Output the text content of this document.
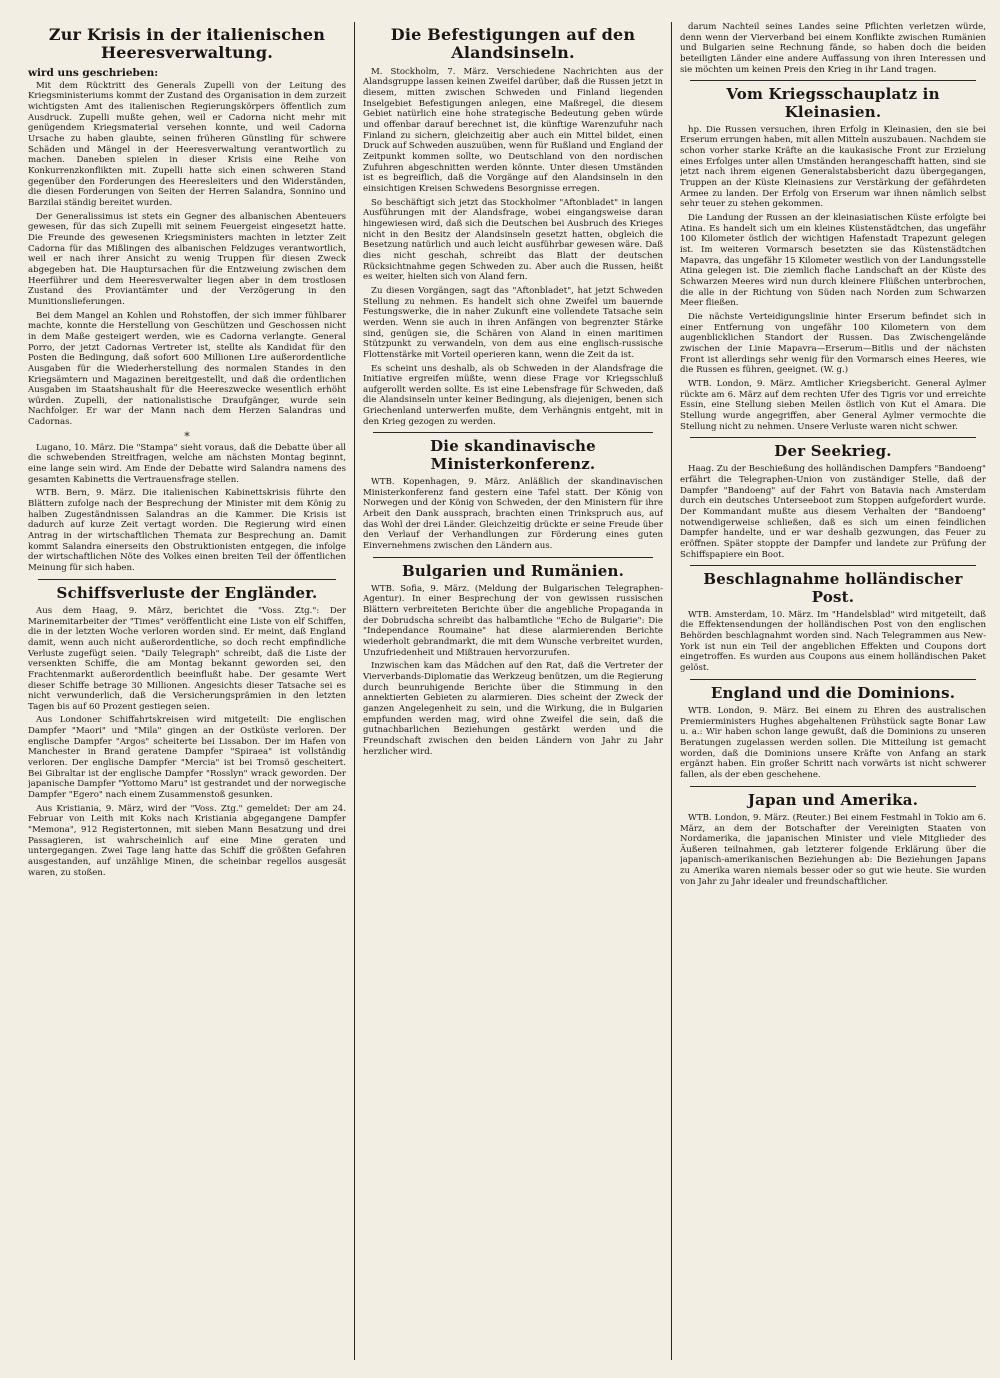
Zur Krisis in der italienischen Heeresverwaltung.
wird uns geschrieben:

Mit dem Rücktritt des Generals Zupelli von der Leitung des Kriegsministeriums kommt der Zustand des Organisation in dem zurzeit wichtigsten Amt des italienischen Regierungskörpers öffentlich zum Ausdruck. Zupelli mußte gehen, weil er Cadorna nicht mehr mit genügendem Kriegsmaterial versehen konnte, und weil Cadorna Ursache zu haben glaubte, seinen früheren Günstling für schwere Schäden und Mängel in der Heeresverwaltung verantwortlich zu machen. Daneben spielen in dieser Krisis eine Reihe von Konkurrenzkonflikten mit. Zupelli hatte sich einen schweren Stand gegenüber den Forderungen des Heeresleiters und den Widerständen, die diesen Forderungen von Seiten der Herren Salandra, Sonnino und Barzilai ständig bereitet wurden.

Der Generalissimus ist stets ein Gegner des albanischen Abenteuers gewesen, für das sich Zupelli mit seinem Feuergeist eingesetzt hatte. Die Freunde des gewesenen Kriegsministers machten in letzter Zeit Cadorna für das Mißlingen des albanischen Feldzuges verantwortlich, weil er nach ihrer Ansicht zu wenig Truppen für diesen Zweck abgegeben hat. Die Hauptursachen für die Entzweiung zwischen dem Heerführer und dem Heeresverwalter liegen aber in dem trostlosen Zustand des Proviantämter und der Verzögerung in den Munitionslieferungen.

Bei dem Mangel an Kohlen und Rohstoffen, der sich immer fühlbarer machte, konnte die Herstellung von Geschützen und Geschossen nicht in dem Maße gesteigert werden, wie es Cadorna verlangte. General Porro, der jetzt Cadornas Vertreter ist, stellte als Kandidat für den Posten die Bedingung, daß sofort 600 Millionen Lire außerordentliche Ausgaben für die Wiederherstellung des normalen Standes in den Kriegsämtern und Magazinen bereitgestellt, und daß die ordentlichen Ausgaben im Staatshaushalt für die Heereszwecke wesentlich erhöht würden. Zupelli, der nationalistische Draufgänger, wurde sein Nachfolger. Er war der Mann nach dem Herzen Salandras und Cadornas.

*

Lugano, 10. März. Die "Stampa" sieht voraus, daß die Debatte über all die schwebenden Streitfragen, welche am nächsten Montag beginnt, eine lange sein wird. Am Ende der Debatte wird Salandra namens des gesamten Kabinetts die Vertrauensfrage stellen.

WTB. Bern, 9. März. Die italienischen Kabinettskrisis führte den Blättern zufolge nach der Besprechung der Minister mit dem König zu halben Zugeständnissen Salandras an die Kammer. Die Krisis ist dadurch auf kurze Zeit vertagt worden. Die Regierung wird einen Antrag in der wirtschaftlichen Themata zur Besprechung an. Damit kommt Salandra einerseits den Obstruktionisten entgegen, die infolge der wirtschaftlichen Nöte des Volkes einen breiten Teil der öffentlichen Meinung für sich haben.

Schiffsverluste der Engländer.

Aus dem Haag, 9. März, berichtet die "Voss. Ztg.": Der Marinemitarbeiter der "Times" veröffentlicht eine Liste von elf Schiffen, die in der letzten Woche verloren worden sind. Er meint, daß England damit, wenn auch nicht außerordentliche, so doch recht empfindliche Verluste zugefügt seien. "Daily Telegraph" schreibt, daß die Liste der versenkten Schiffe, die am Montag bekannt geworden sei, den Frachtenmarkt außerordentlich beeinflußt habe. Der gesamte Wert dieser Schiffe betrage 30 Millionen. Angesichts dieser Tatsache sei es nicht verwunderlich, daß die Versicherungsprämien in den letzten Tagen bis auf 60 Prozent gestiegen seien.

Aus Londoner Schiffahrtskreisen wird mitgeteilt: Die englischen Dampfer "Maori" und "Mila" gingen an der Ostküste verloren. Der englische Dampfer "Argos" scheiterte bei Lissabon. Der im Hafen von Manchester in Brand geratene Dampfer "Spiraea" ist vollständig verloren. Der englische Dampfer "Mercia" ist bei Tromsö gescheitert. Bei Gibraltar ist der englische Dampfer "Rosslyn" wrack geworden. Der japanische Dampfer "Yottomo Maru" ist gestrandet und der norwegische Dampfer "Egero" nach einem Zusammenstoß gesunken.

Aus Kristiania, 9. März, wird der "Voss. Ztg." gemeldet: Der am 24. Februar von Leith mit Koks nach Kristiania abgegangene Dampfer "Memona", 912 Registertonnen, mit sieben Mann Besatzung und drei Passagieren, ist wahrscheinlich auf eine Mine geraten und untergegangen. Zwei Tage lang hatte das Schiff die größten Gefahren ausgestanden, auf unzählige Minen, die scheinbar regellos ausgesät waren, zu stoßen.

Die Befestigungen auf den Alandsinseln.

M. Stockholm, 7. März. Verschiedene Nachrichten aus der Alandsgruppe lassen keinen Zweifel darüber, daß die Russen jetzt in diesem, mitten zwischen Schweden und Finland liegenden Inselgebiet Befestigungen anlegen, eine Maßregel, die diesem Gebiet natürlich eine hohe strategische Bedeutung geben würde und offenbar darauf berechnet ist, die künftige Warenzufuhr nach Finland zu sichern, gleichzeitig aber auch ein Mittel bildet, einen Druck auf Schweden auszuüben, wenn für Rußland und England der Zeitpunkt kommen sollte, wo Deutschland von den nordischen Zufuhren abgeschnitten werden könnte. Unter diesen Umständen ist es begreiflich, daß die Vorgänge auf den Alandsinseln in den einsichtigen Kreisen Schwedens Besorgnisse erregen.

So beschäftigt sich jetzt das Stockholmer "Aftonbladet" in langen Ausführungen mit der Alandsfrage, wobei eingangsweise daran hingewiesen wird, daß sich die Deutschen bei Ausbruch des Krieges nicht in den Besitz der Alandsinseln gesetzt hatten, obgleich die Besetzung natürlich und auch leicht ausführbar gewesen wäre. Daß dies nicht geschah, schreibt das Blatt der deutschen Rücksichtnahme gegen Schweden zu. Aber auch die Russen, heißt es weiter, hielten sich von Aland fern.

Zu diesen Vorgängen, sagt das "Aftonbladet", hat jetzt Schweden Stellung zu nehmen. Es handelt sich ohne Zweifel um bauernde Festungswerke, die in naher Zukunft eine vollendete Tatsache sein werden. Wenn sie auch in ihren Anfängen von begrenzter Stärke sind, genügen sie, die Schären von Aland in einen maritimen Stützpunkt zu verwandeln, von dem aus eine englisch-russische Flottenstärke mit Vorteil operieren kann, wenn die Zeit da ist.

Es scheint uns deshalb, als ob Schweden in der Alandsfrage die Initiative ergreifen müßte, wenn diese Frage vor Kriegsschluß aufgerollt werden sollte. Es ist eine Lebensfrage für Schweden, daß die Alandsinseln unter keiner Bedingung, als diejenigen, benen sich Griechenland unterwerfen mußte, dem Verhängnis entgeht, mit in den Krieg gezogen zu werden.

Die skandinavische Ministerkonferenz.

WTB. Kopenhagen, 9. März. Anläßlich der skandinavischen Ministerkonferenz fand gestern eine Tafel statt. Der König von Norwegen und der König von Schweden, der den Ministern für ihre Arbeit den Dank aussprach, brachten einen Trinkspruch aus, auf das Wohl der drei Länder. Gleichzeitig drückte er seine Freude über den Verlauf der Verhandlungen zur Förderung eines guten Einvernehmens zwischen den Ländern aus.

Bulgarien und Rumänien.

WTB. Sofia, 9. März. (Meldung der Bulgarischen Telegraphen-Agentur). In einer Besprechung der von gewissen russischen Blättern verbreiteten Berichte über die angebliche Propaganda in der Dobrudscha schreibt das halbamtliche "Echo de Bulgarie": Die "Independance Roumaine" hat diese alarmierenden Berichte wiederholt gebrandmarkt, die mit dem Wunsche verbreitet wurden, Unzufriedenheit und Mißtrauen hervorzurufen.

Inzwischen kam das Mädchen auf den Rat, daß die Vertreter der Vierverbands-Diplomatie das Werkzeug benützen, um die Regierung durch beunruhigende Berichte über die Stimmung in den annektierten Gebieten zu alarmieren. Dies scheint der Zweck der ganzen Angelegenheit zu sein, und die Wirkung, die in Bulgarien empfunden werden mag, wird ohne Zweifel die sein, daß die gutnachbarlichen Beziehungen gestärkt werden und die Freundschaft zwischen den beiden Ländern von Jahr zu Jahr herzlicher wird.

darum Nachteil seines Landes seine Pflichten verletzen würde, denn wenn der Vierverband bei einem Konflikte zwischen Rumänien und Bulgarien seine Rechnung fände, so haben doch die beiden beteiligten Länder eine andere Auffassung von ihren Interessen und sie möchten um keinen Preis den Krieg in ihr Land tragen.

Vom Kriegsschauplatz in Kleinasien.

hp. Die Russen versuchen, ihren Erfolg in Kleinasien, den sie bei Erserum errungen haben, mit allen Mitteln auszubauen. Nachdem sie schon vorher starke Kräfte an die kaukasische Front zur Erzielung eines Erfolges unter allen Umständen herangeschafft hatten, sind sie jetzt nach ihrem eigenen Generalstabsbericht dazu übergegangen, Truppen an der Küste Kleinasiens zur Verstärkung der gefährdeten Armee zu landen. Der Erfolg von Erserum war ihnen nämlich selbst sehr teuer zu stehen gekommen.

Die Landung der Russen an der kleinasiatischen Küste erfolgte bei Atina. Es handelt sich um ein kleines Küstenstädtchen, das ungefähr 100 Kilometer östlich der wichtigen Hafenstadt Trapezunt gelegen ist. Im weiteren Vormarsch besetzten sie das Küstenstädtchen Mapavra, das ungefähr 15 Kilometer westlich von der Landungsstelle Atina gelegen ist. Die ziemlich flache Landschaft an der Küste des Schwarzen Meeres wird nun durch kleinere Flüßchen unterbrochen, die alle in der Richtung von Süden nach Norden zum Schwarzen Meer fließen.

Die nächste Verteidigungslinie hinter Erserum befindet sich in einer Entfernung von ungefähr 100 Kilometern von dem augenblicklichen Standort der Russen. Das Zwischengelände zwischen der Linie Mapavra—Erserum—Bitlis und der nächsten Front ist allerdings sehr wenig für den Vormarsch eines Heeres, wie die Russen es führen, geeignet. (W. g.)

WTB. London, 9. März. Amtlicher Kriegsbericht. General Aylmer rückte am 6. März auf dem rechten Ufer des Tigris vor und erreichte Essin, eine Stellung sieben Meilen östlich von Kut el Amara. Die Stellung wurde angegriffen, aber General Aylmer vermochte die Stellung nicht zu nehmen. Unsere Verluste waren nicht schwer.

Der Seekrieg.

Haag. Zu der Beschießung des holländischen Dampfers "Bandoeng" erfährt die Telegraphen-Union von zuständiger Stelle, daß der Dampfer "Bandoeng" auf der Fahrt von Batavia nach Amsterdam durch ein deutsches Unterseeboot zum Stoppen aufgefordert wurde. Der Kommandant mußte aus diesem Verhalten der "Bandoeng" notwendigerweise schließen, daß es sich um einen feindlichen Dampfer handelte, und er war deshalb gezwungen, das Feuer zu eröffnen. Später stoppte der Dampfer und landete zur Prüfung der Schiffspapiere ein Boot.

Beschlagnahme holländischer Post.

WTB. Amsterdam, 10. März. Im "Handelsblad" wird mitgeteilt, daß die Effektensendungen der holländischen Post von den englischen Behörden beschlagnahmt worden sind. Nach Telegrammen aus New-York ist nun ein Teil der angeblichen Effekten und Coupons dort eingetroffen. Es wurden aus Coupons aus einem holländischen Paket gelöst.

England und die Dominions.

WTB. London, 9. März. Bei einem zu Ehren des australischen Premierministers Hughes abgehaltenen Frühstück sagte Bonar Law u. a.: Wir haben schon lange gewußt, daß die Dominions zu unseren Beratungen zugelassen werden sollen. Die Mitteilung ist gemacht worden, daß die Dominions unsere Kräfte von Anfang an stark ergänzt haben. Ein großer Schritt nach vorwärts ist nicht schwerer fallen, als der eben geschehene.

Japan und Amerika.

WTB. London, 9. März. (Reuter.) Bei einem Festmahl in Tokio am 6. März, an dem der Botschafter der Vereinigten Staaten von Nordamerika, die japanischen Minister und viele Mitglieder des Äußeren teilnahmen, gab letzterer folgende Erklärung über die japanisch-amerikanischen Beziehungen ab: Die Beziehungen Japans zu Amerika waren niemals besser oder so gut wie heute. Sie wurden von Jahr zu Jahr idealer und freundschaftlicher.
